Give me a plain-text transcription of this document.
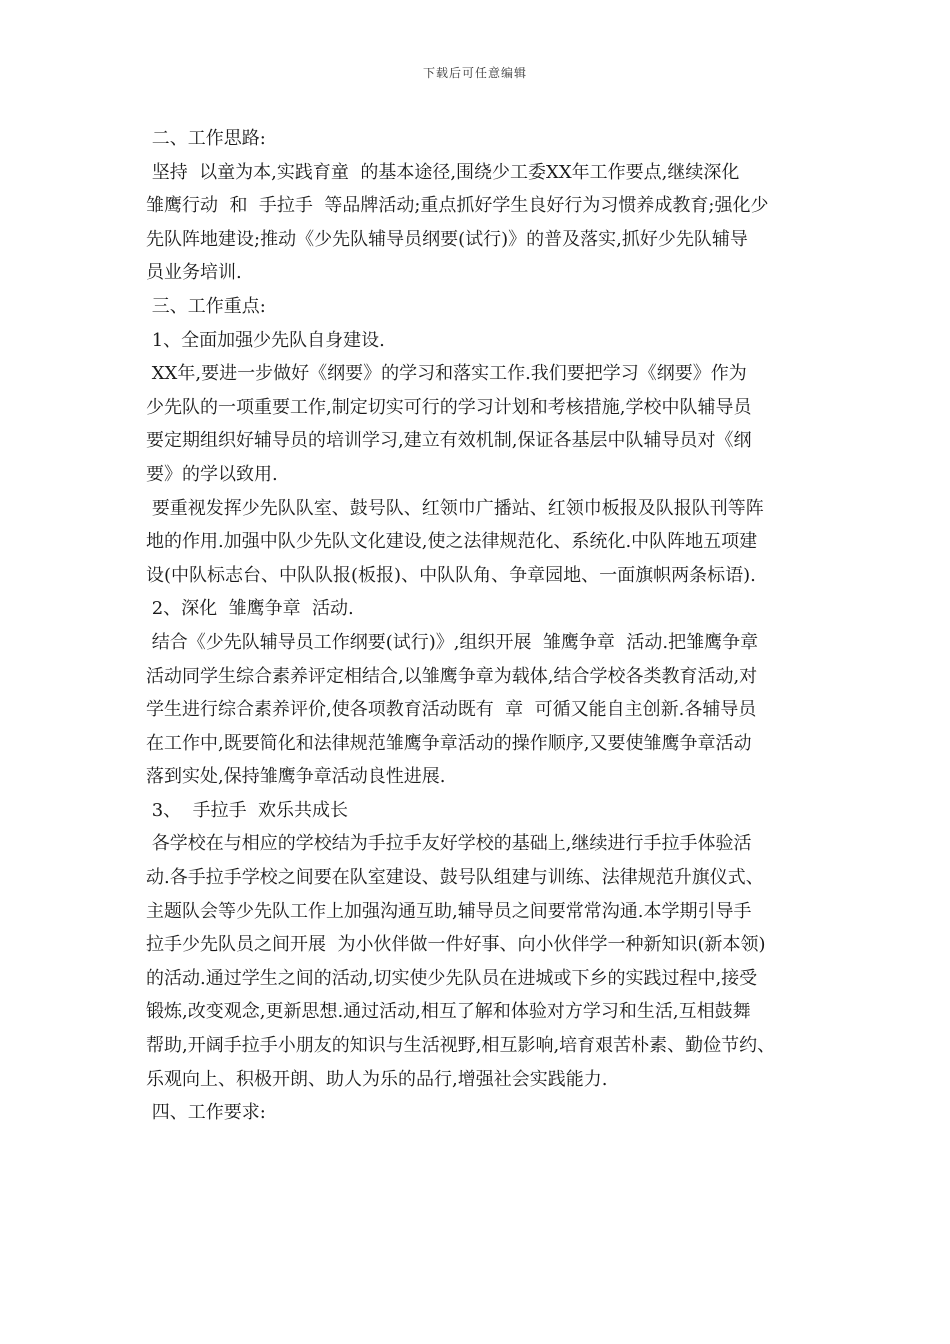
下载后可任意编辑
二、工作思路:
坚持  以童为本,实践育童  的基本途径,围绕少工委XX年工作要点,继续深化
雏鹰行动  和  手拉手  等品牌活动;重点抓好学生良好行为习惯养成教育;强化少
先队阵地建设;推动《少先队辅导员纲要(试行)》的普及落实,抓好少先队辅导
员业务培训.
三、工作重点:
1、全面加强少先队自身建设.
XX年,要进一步做好《纲要》的学习和落实工作.我们要把学习《纲要》作为
少先队的一项重要工作,制定切实可行的学习计划和考核措施,学校中队辅导员
要定期组织好辅导员的培训学习,建立有效机制,保证各基层中队辅导员对《纲
要》的学以致用.
要重视发挥少先队队室、鼓号队、红领巾广播站、红领巾板报及队报队刊等阵
地的作用.加强中队少先队文化建设,使之法律规范化、系统化.中队阵地五项建
设(中队标志台、中队队报(板报)、中队队角、争章园地、一面旗帜两条标语).
2、深化  雏鹰争章  活动.
结合《少先队辅导员工作纲要(试行)》,组织开展  雏鹰争章  活动.把雏鹰争章
活动同学生综合素养评定相结合,以雏鹰争章为载体,结合学校各类教育活动,对
学生进行综合素养评价,使各项教育活动既有  章  可循又能自主创新.各辅导员
在工作中,既要简化和法律规范雏鹰争章活动的操作顺序,又要使雏鹰争章活动
落到实处,保持雏鹰争章活动良性进展.
3、  手拉手  欢乐共成长
各学校在与相应的学校结为手拉手友好学校的基础上,继续进行手拉手体验活
动.各手拉手学校之间要在队室建设、鼓号队组建与训练、法律规范升旗仪式、
主题队会等少先队工作上加强沟通互助,辅导员之间要常常沟通.本学期引导手
拉手少先队员之间开展  为小伙伴做一件好事、向小伙伴学一种新知识(新本领)
的活动.通过学生之间的活动,切实使少先队员在进城或下乡的实践过程中,接受
锻炼,改变观念,更新思想.通过活动,相互了解和体验对方学习和生活,互相鼓舞
帮助,开阔手拉手小朋友的知识与生活视野,相互影响,培育艰苦朴素、勤俭节约、
乐观向上、积极开朗、助人为乐的品行,增强社会实践能力.
四、工作要求:
